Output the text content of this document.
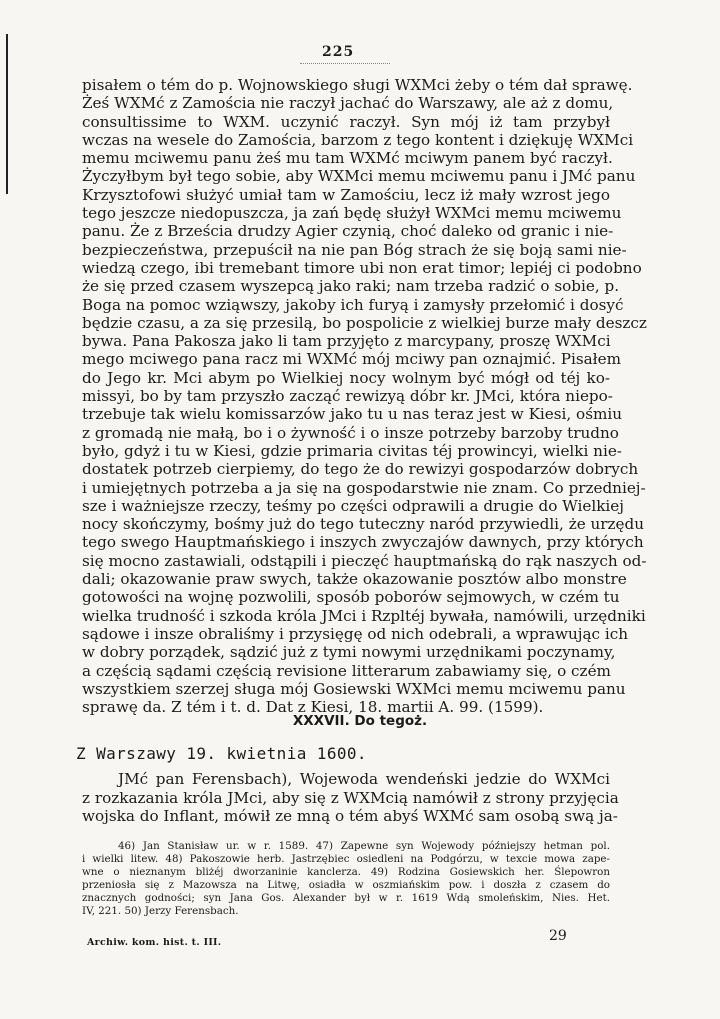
225
pisałem o tém do p. Wojnowskiego sługi WXMci żeby o tém dał sprawę.
Żeś WXMć z Zamościa nie raczył jachać do Warszawy, ale aż z domu,
consultissime to WXM. uczynić raczył. Syn mój iż tam przybył
wczas na wesele do Zamościa, barzom z tego kontent i dziękuję WXMci
memu mciwemu panu żeś mu tam WXMć mciwym panem być raczył.
Życzyłbym był tego sobie, aby WXMci memu mciwemu panu i JMć panu
Krzysztofowi służyć umiał tam w Zamościu, lecz iż mały wzrost jego
tego jeszcze niedopuszcza, ja zań będę służył WXMci memu mciwemu
panu. Że z Brześcia drudzy Agier czynią, choć daleko od granic i nie-
bezpieczeństwa, przepuścił na nie pan Bóg strach że się boją sami nie-
wiedzą czego, ibi tremebant timore ubi non erat timor; lepiéj ci podobno
że się przed czasem wyszepcą jako raki; nam trzeba radzić o sobie, p.
Boga na pomoc wziąwszy, jakoby ich furyą i zamysły przełomić i dosyć
będzie czasu, a za się przesilą, bo pospolicie z wielkiej burze mały deszcz
bywa. Pana Pakosza jako li tam przyjęto z marcypany, proszę WXMci
mego mciwego pana racz mi WXMć mój mciwy pan oznajmić. Pisałem
do Jego kr. Mci abym po Wielkiej nocy wolnym być mógł od téj ko-
missyi, bo by tam przyszło zacząć rewizyą dóbr kr. JMci, która niepo-
trzebuje tak wielu komissarzów jako tu u nas teraz jest w Kiesi, ośmiu
z gromadą nie małą, bo i o żywność i o insze potrzeby barzoby trudno
było, gdyż i tu w Kiesi, gdzie primaria civitas téj prowincyi, wielki nie-
dostatek potrzeb cierpiemy, do tego że do rewizyi gospodarzów dobrych
i umiejętnych potrzeba a ja się na gospodarstwie nie znam. Co przedniej-
sze i ważniejsze rzeczy, teśmy po części odprawili a drugie do Wielkiej
nocy skończymy, bośmy już do tego tuteczny naród przywiedli, że urzędu
tego swego Hauptmańskiego i inszych zwyczajów dawnych, przy których
się mocno zastawiali, odstąpili i pieczęć hauptmańską do rąk naszych od-
dali; okazowanie praw swych, także okazowanie posztów albo monstre
gotowości na wojnę pozwolili, sposób poborów sejmowych, w czém tu
wielka trudność i szkoda króla JMci i Rzpltéj bywała, namówili, urzędniki
sądowe i insze obraliśmy i przysięgę od nich odebrali, a wprawując ich
w dobry porządek, sądzić już z tymi nowymi urzędnikami poczynamy,
a częścią sądami częścią revisione litterarum zabawiamy się, o czém
wszystkiem szerzej sługa mój Gosiewski WXMci memu mciwemu panu
sprawę da. Z tém i t. d. Dat z Kiesi, 18. martii A. 99. (1599).
XXXVII. Do tegoż.
Z Warszawy 19. kwietnia 1600.
JMć pan Ferensbach), Wojewoda wendeński jedzie do WXMci
z rozkazania króla JMci, aby się z WXMcią namówił z strony przyjęcia
wojska do Inflant, mówił ze mną o tém abyś WXMć sam osobą swą ja-
46) Jan Stanisław ur. w r. 1589. 47) Zapewne syn Wojewody późniejszy hetman pol.
i wielki litew. 48) Pakoszowie herb. Jastrzębiec osiedleni na Podgórzu, w texcie mowa zape-
wne o nieznanym bliżéj dworzaninie kanclerza. 49) Rodzina Gosiewskich her. Ślepowron
przeniosła się z Mazowsza na Litwę, osiadła w oszmiańskim pow. i doszła z czasem do
znacznych godności; syn Jana Gos. Alexander był w r. 1619 Wdą smoleńskim, Nies. Het.
IV, 221. 50) Jerzy Ferensbach.
Archiw. kom. hist. t. III.	29
